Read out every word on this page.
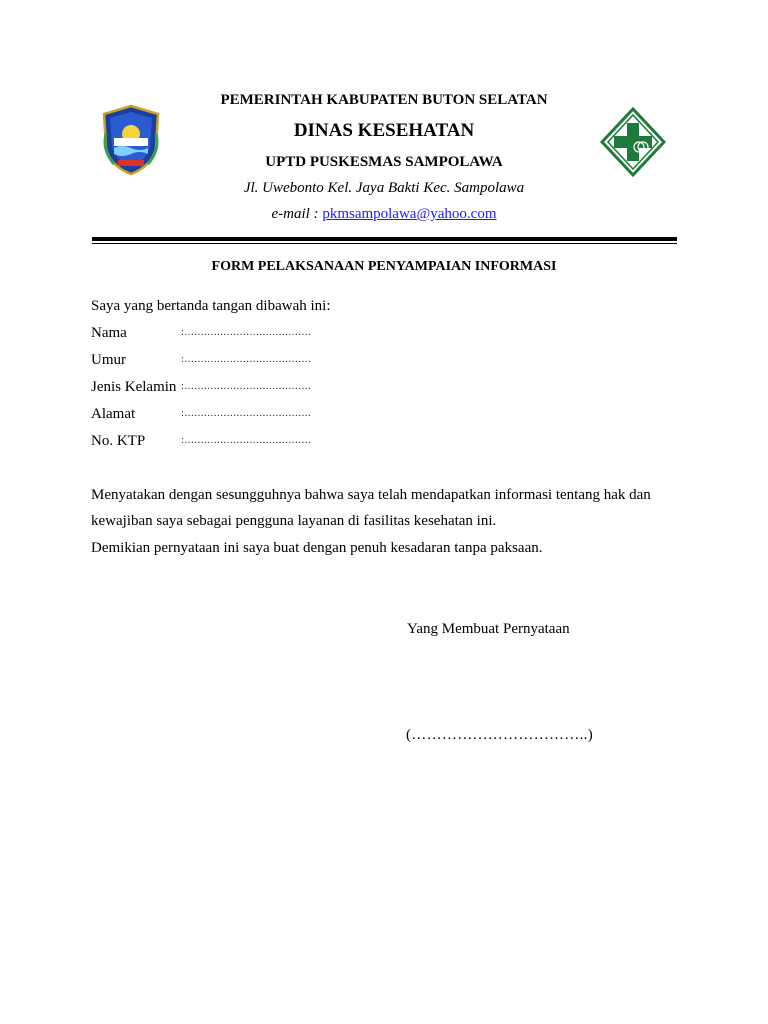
PEMERINTAH KABUPATEN BUTON SELATAN
DINAS KESEHATAN
UPTD PUSKESMAS SAMPOLAWA
Jl. Uwebonto Kel. Jaya Bakti Kec. Sampolawa
e-mail : pkmsampolawa@yahoo.com
FORM PELAKSANAAN PENYAMPAIAN INFORMASI
Saya yang bertanda tangan dibawah ini:
Nama	:.......................................
Umur	:.......................................
Jenis Kelamin :.......................................
Alamat	:.......................................
No. KTP	:.......................................
Menyatakan dengan sesungguhnya bahwa saya telah mendapatkan informasi tentang hak dan
kewajiban saya sebagai pengguna layanan di fasilitas kesehatan ini.
Demikian pernyataan ini saya buat dengan penuh kesadaran tanpa paksaan.
Yang Membuat Pernyataan
(……………………………..)
